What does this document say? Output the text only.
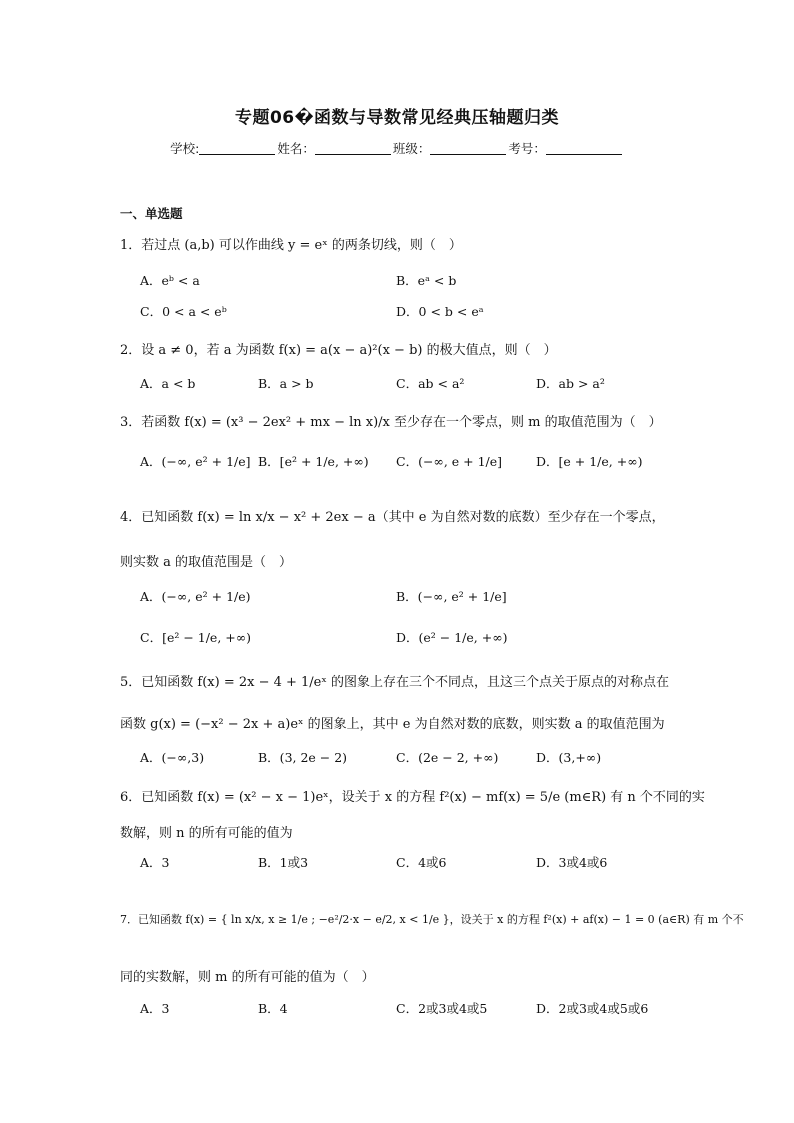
专题06�函数与导数常见经典压轴题归类
学校:	姓名：	班级：	考号：
一、单选题
1．若过点 (a,b) 可以作曲线 y = eˣ 的两条切线，则（　）
A．eᵇ < a	B．eᵃ < b
C．0 < a < eᵇ	D．0 < b < eᵃ
2．设 a ≠ 0，若 a 为函数 f(x) = a(x − a)²(x − b) 的极大值点，则（　）
A．a < b	B．a > b	C．ab < a²	D．ab > a²
3．若函数 f(x) = (x³ − 2ex² + mx − ln x)/x 至少存在一个零点，则 m 的取值范围为（　）
A．(−∞, e² + 1/e] B．[e² + 1/e, +∞) C．(−∞, e + 1/e]	D．[e + 1/e, +∞)
4．已知函数 f(x) = ln x/x − x² + 2ex − a（其中 e 为自然对数的底数）至少存在一个零点，
则实数 a 的取值范围是（　）
A．(−∞, e² + 1/e)	B．(−∞, e² + 1/e]
C．[e² − 1/e, +∞)	D．(e² − 1/e, +∞)
5．已知函数 f(x) = 2x − 4 + 1/eˣ 的图象上存在三个不同点，且这三个点关于原点的对称点在
函数 g(x) = (−x² − 2x + a)eˣ 的图象上，其中 e 为自然对数的底数，则实数 a 的取值范围为
A．(−∞,3)	B．(3, 2e − 2)	C．(2e − 2, +∞)	D．(3,+∞)
6．已知函数 f(x) = (x² − x − 1)eˣ，设关于 x 的方程 f²(x) − mf(x) = 5/e (m∈R) 有 n 个不同的实
数解，则 n 的所有可能的值为
A．3	B．1或3	C．4或6	D．3或4或6
7．已知函数 f(x) = { ln x/x, x ≥ 1/e ; −e²/2·x − e/2, x < 1/e }，设关于 x 的方程 f²(x) + af(x) − 1 = 0 (a∈R) 有 m 个不
同的实数解，则 m 的所有可能的值为（　）
A．3	B．4	C．2或3或4或5	D．2或3或4或5或6
